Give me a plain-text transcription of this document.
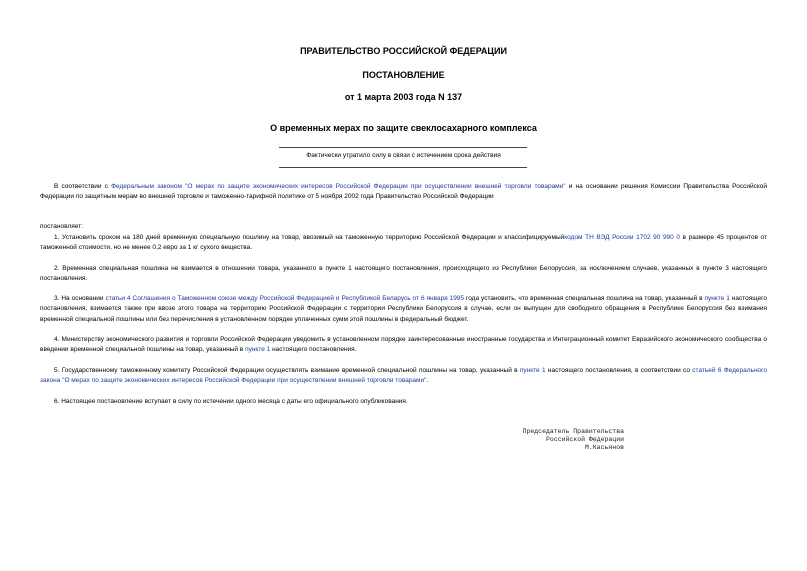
ПРАВИТЕЛЬСТВО РОССИЙСКОЙ ФЕДЕРАЦИИ
ПОСТАНОВЛЕНИЕ
от 1 марта 2003 года N 137
О временных мерах по защите свеклосахарного комплекса
Фактически утратило силу в связи с истечением срока действия
В соответствии с Федеральным законом "О мерах по защите экономических интересов Российской Федерации при осуществлении внешней торговли товарами" и на основании решения Комиссии Правительства Российской Федерации по защитным мерам во внешней торговле и таможенно-тарифной политике от 5 ноября 2002 года Правительство Российской Федерации
постановляет:
1. Установить сроком на 180 дней временную специальную пошлину на товар, ввозимый на таможенную территорию Российской Федерации и классифицируемыйкодом ТН ВЭД России 1702 90 990 0 в размере 45 процентов от таможенной стоимости, но не менее 0,2 евро за 1 кг сухого вещества.
2. Временная специальная пошлина не взимается в отношении товара, указанного в пункте 1 настоящего постановления, происходящего из Республики Белоруссия, за исключением случаев, указанных в пункте 3 настоящего постановления.
3. На основании статьи 4 Соглашения о Таможенном союзе между Российской Федерацией и Республикой Беларусь от 6 января 1995 года установить, что временная специальная пошлина на товар, указанный в пункте 1 настоящего постановления, взимается также при ввозе этого товара на территорию Российской Федерации с территории Республики Белоруссия в случае, если он выпущен для свободного обращения в Республике Белоруссия без взимания временной специальной пошлины или без перечисления в установленном порядке уплаченных сумм этой пошлины в федеральный бюджет.
4. Министерству экономического развития и торговли Российской Федерации уведомить в установленном порядке заинтересованные иностранные государства и Интеграционный комитет Евразийского экономического сообщества о введении временной специальной пошлины на товар, указанный в пункте 1 настоящего постановления.
5. Государственному таможенному комитету Российской Федерации осуществлять взимание временной специальной пошлины на товар, указанный в пункте 1 настоящего постановления, в соответствии со статьей 6 Федерального закона "О мерах по защите экономических интересов Российской Федерации при осуществлении внешней торговли товарами".
6. Настоящее постановление вступает в силу по истечении одного месяца с даты его официального опубликования.
Председатель Правительства
Российской Федерации
М.Касьянов
